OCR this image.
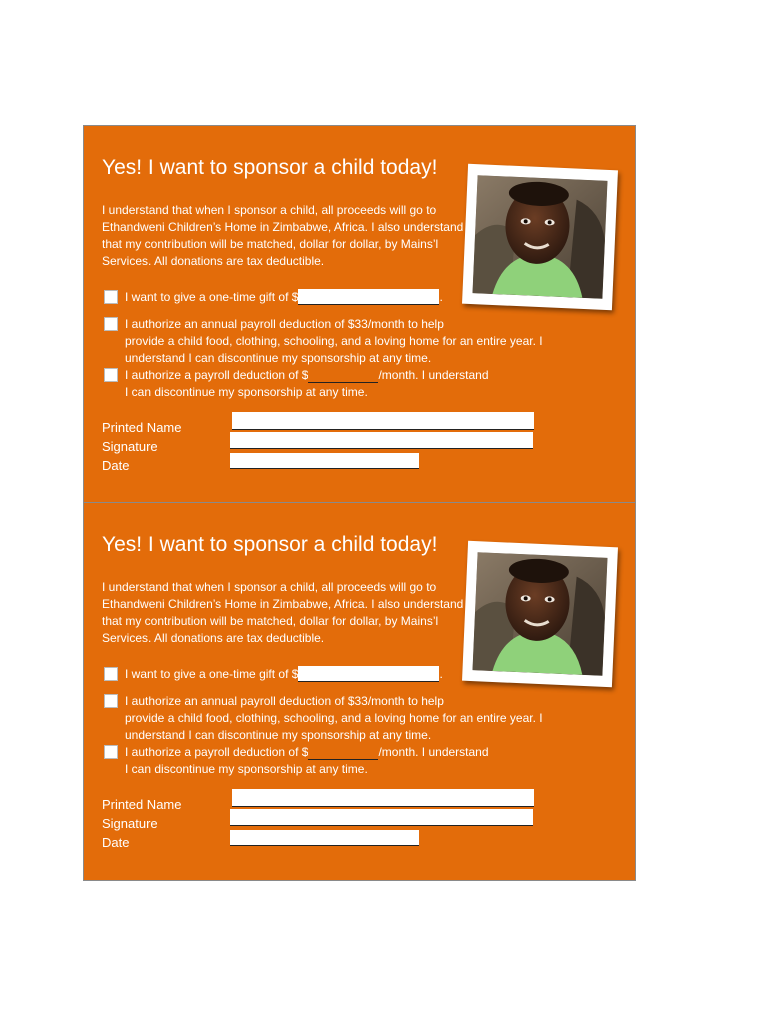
Yes! I want to sponsor a child today!
I understand that when I sponsor a child, all proceeds will go to Ethandweni Children’s Home in Zimbabwe, Africa. I also understand that my contribution will be matched, dollar for dollar, by Mains’l Services. All donations are tax deductible.
I want to give a one-time gift of $	.
I authorize an annual payroll deduction of $33/month to help
provide a child food, clothing, schooling, and a loving home for an entire year. I
understand I can discontinue my sponsorship at any time.
I authorize a payroll deduction of $	/month. I understand
I can discontinue my sponsorship at any time.
Printed Name
Signature
Date
Yes! I want to sponsor a child today!
I understand that when I sponsor a child, all proceeds will go to Ethandweni Children’s Home in Zimbabwe, Africa. I also understand that my contribution will be matched, dollar for dollar, by Mains’l Services. All donations are tax deductible.
I want to give a one-time gift of $	.
I authorize an annual payroll deduction of $33/month to help
provide a child food, clothing, schooling, and a loving home for an entire year. I
understand I can discontinue my sponsorship at any time.
I authorize a payroll deduction of $	/month. I understand
I can discontinue my sponsorship at any time.
Printed Name
Signature
Date
